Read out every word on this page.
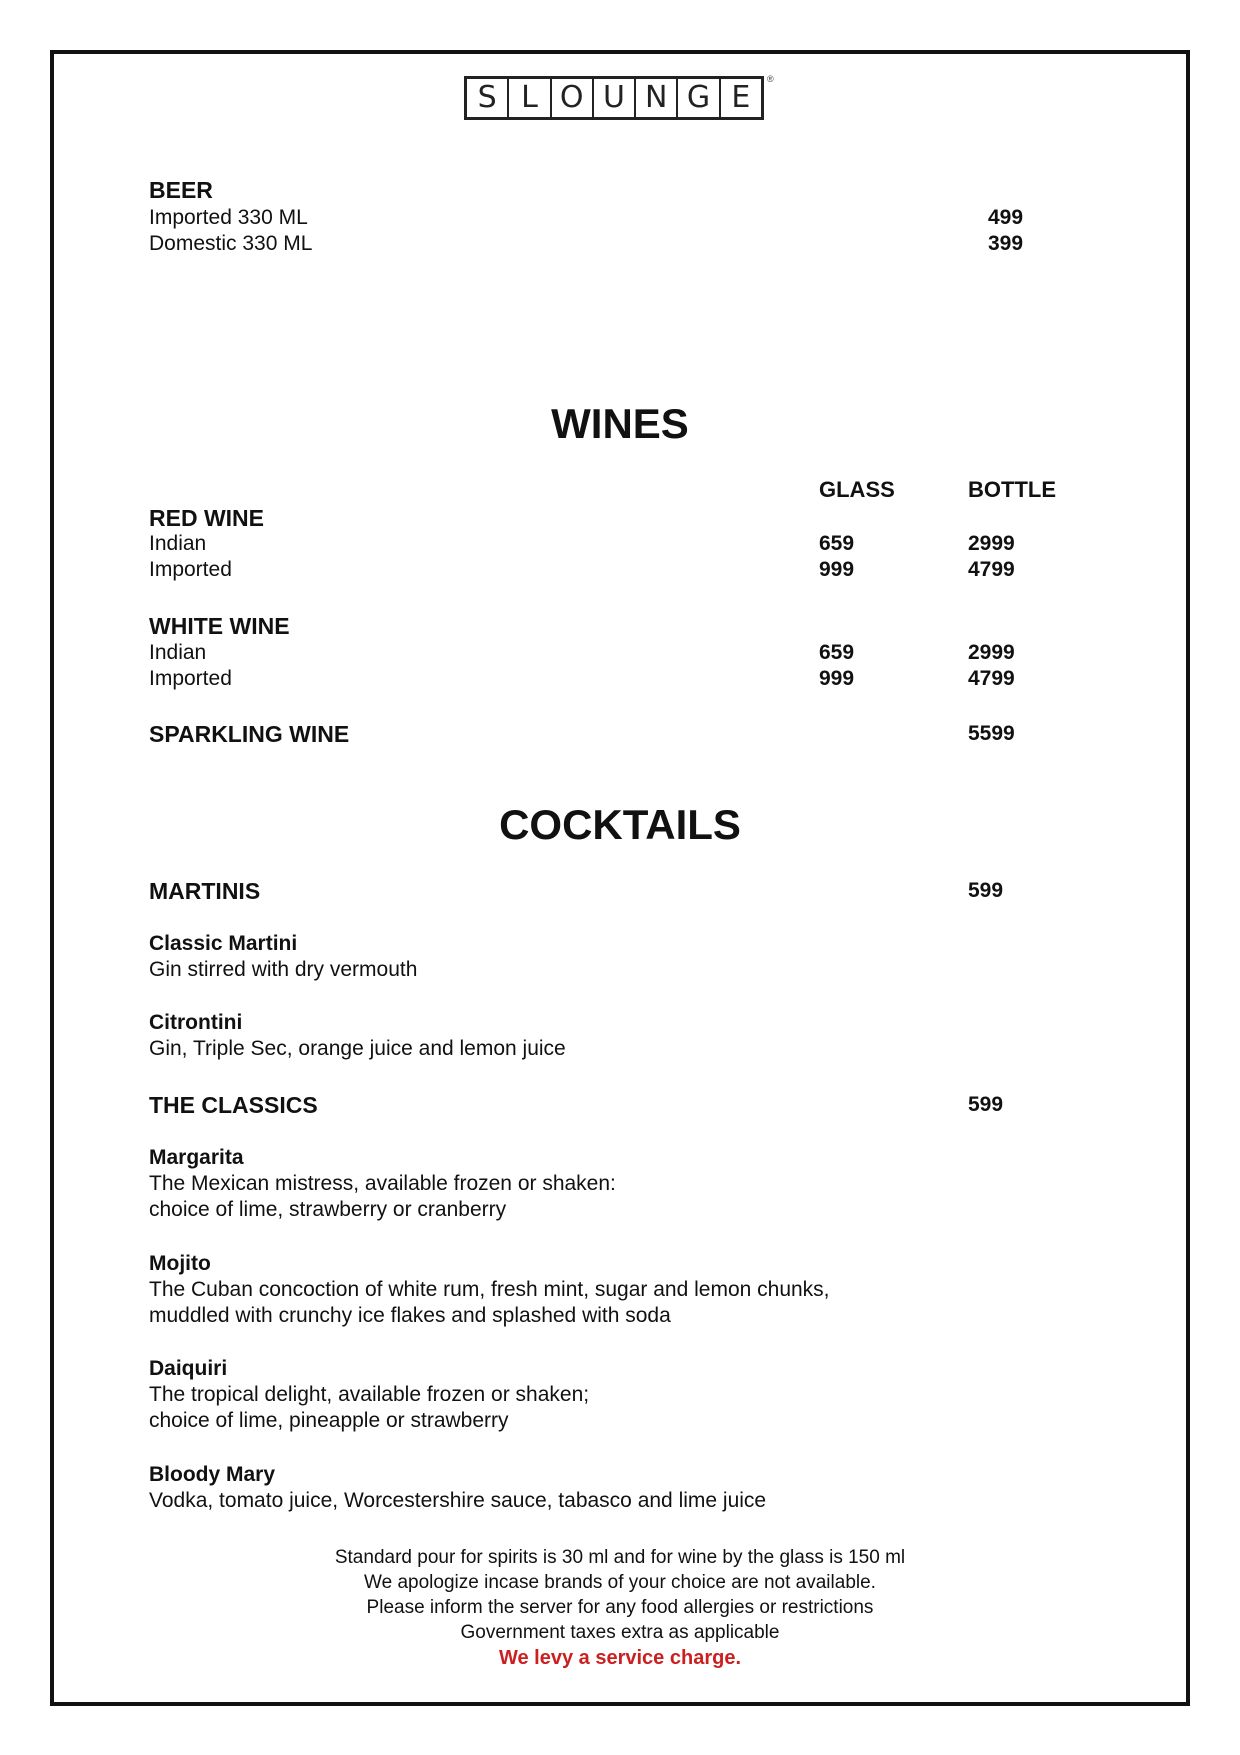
S L O U N G E
®
BEER
Imported 330 ML	499
Domestic 330 ML	399
WINES
GLASS	BOTTLE
RED WINE
Indian	659	2999
Imported	999	4799
WHITE WINE
Indian	659	2999
Imported	999	4799
SPARKLING WINE	5599
COCKTAILS
MARTINIS	599
Classic Martini
Gin stirred with dry vermouth
Citrontini
Gin, Triple Sec, orange juice and lemon juice
THE CLASSICS	599
Margarita
The Mexican mistress, available frozen or shaken:
choice of lime, strawberry or cranberry
Mojito
The Cuban concoction of white rum, fresh mint, sugar and lemon chunks,
muddled with crunchy ice flakes and splashed with soda
Daiquiri
The tropical delight, available frozen or shaken;
choice of lime, pineapple or strawberry
Bloody Mary
Vodka, tomato juice, Worcestershire sauce, tabasco and lime juice
Standard pour for spirits is 30 ml and for wine by the glass is 150 ml
We apologize incase brands of your choice are not available.
Please inform the server for any food allergies or restrictions
Government taxes extra as applicable
We levy a service charge.
